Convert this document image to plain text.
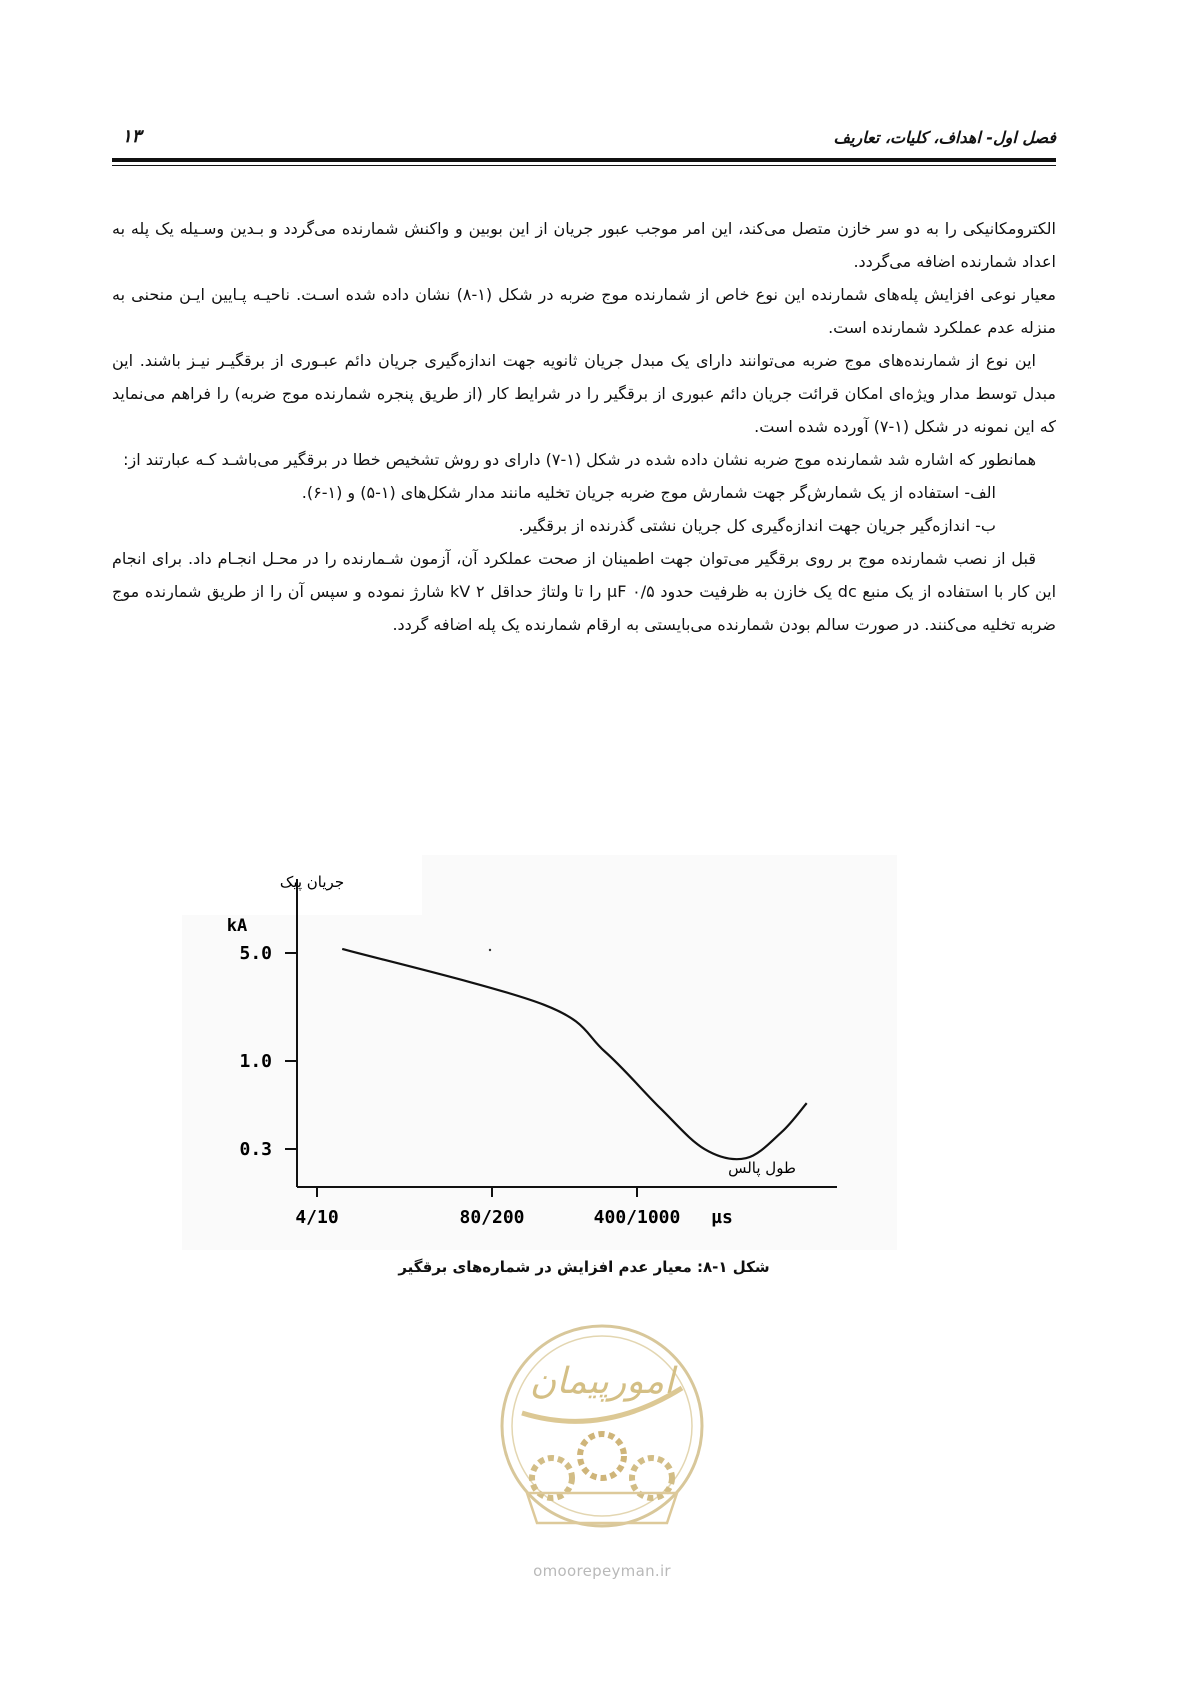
فصل اول- اهداف، کلیات، تعاریف
۱۳

الکترومکانیکی را به دو سر خازن متصل می‌کند، این امر موجب عبور جریان از این بوبین و واکنش شمارنده می‌گردد و بـدین وسـیله یک پله به اعداد شمارنده اضافه می‌گردد.

معیار نوعی افزایش پله‌های شمارنده این نوع خاص از شمارنده موج ضربه در شکل (۱-۸) نشان داده شده اسـت. ناحیـه پـایین ایـن منحنی به منزله عدم عملکرد شمارنده است.

این نوع از شمارنده‌های موج ضربه می‌توانند دارای یک مبدل جریان ثانویه جهت اندازه‌گیری جریان دائم عبـوری از برقگیـر نیـز باشند. این مبدل توسط مدار ویژه‌ای امکان قرائت جریان دائم عبوری از برقگیر را در شرایط کار (از طریق پنجره شمارنده موج ضربه) را فراهم می‌نماید که این نمونه در شکل (۱-۷) آورده شده است.

همانطور که اشاره شد شمارنده موج ضربه نشان داده شده در شکل (۱-۷) دارای دو روش تشخیص خطا در برقگیر می‌باشـد کـه عبارتند از:

الف- استفاده از یک شمارش‌گر جهت شمارش موج ضربه جریان تخلیه مانند مدار شکل‌های (۱-۵) و (۱-۶).

ب- اندازه‌گیر جریان جهت اندازه‌گیری کل جریان نشتی گذرنده از برقگیر.

قبل از نصب شمارنده موج بر روی برقگیر می‌توان جهت اطمینان از صحت عملکرد آن، آزمون شـمارنده را در محـل انجـام داد. برای انجام این کار با استفاده از یک منبع dc یک خازن به ظرفیت حدود ۰/۵ µF را تا ولتاژ حداقل ۲ kV شارژ نموده و سپس آن را از طریق شمارنده موج ضربه تخلیه می‌کنند. در صورت سالم بودن شمارنده می‌بایستی به ارقام شمارنده یک پله اضافه گردد.

جریان پیک
kA
5.0
1.0
0.3
4/10	80/200	400/1000 µs
طول پالس
شکل ۱-۸: معیار عدم افزایش در شماره‌های برقگیر
امورپیمان
omoorepeyman.ir
